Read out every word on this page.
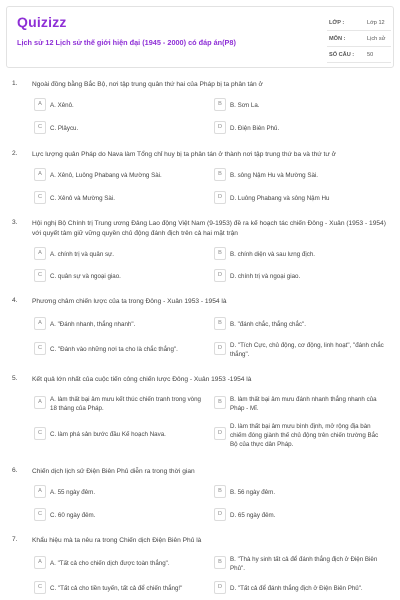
Quizizz
Lịch sử 12 Lịch sử thế giới hiện đại (1945 - 2000) có đáp án(P8)
LỚP :	Lớp 12
MÔN :	Lịch sử
SỐ CÂU : 50
1. Ngoài đồng bằng Bắc Bộ, nơi tập trung quân thứ hai của Pháp bị ta phân tán ở
A	A. Xênô.	B	B. Sơn La.
C	C. Plâycu.	D	D. Điện Biên Phủ.
2. Lực lượng quân Pháp do Nava làm Tổng chỉ huy bị ta phân tán ở thành nơi tập trung thứ ba và thứ tư ở
A	A. Xênô, Luông Phabang và Mường Sài.	B	B. sông Nậm Hu và Mường Sài.
C	C. Xênô và Mường Sài.	D	D. Luông Phabang và sông Nậm Hu
3. Hội nghị Bộ Chính trị Trung ương Đảng Lao động Việt Nam (9-1953) đề ra kế hoạch tác chiến Đông - Xuân (1953 - 1954) với quyết tâm giữ vững quyền chủ động đánh địch trên cả hai mặt trận
A	A. chính trị và quân sự.	B	B. chính diện và sau lưng địch.
C	C. quân sự và ngoại giao.	D	D. chính trị và ngoại giao.
4. Phương châm chiến lược của ta trong Đông - Xuân 1953 - 1954 là
A	A. "Đánh nhanh, thắng nhanh".	B	B. "đánh chắc, thắng chắc".
C	C. "Đánh vào những nơi ta cho là chắc thắng".	D	D. "Tích Cực, chủ động, cơ động, linh hoạt", "đánh chắc thắng".
5. Kết quả lớn nhất của cuộc tiến công chiến lược Đông - Xuân 1953 -1954 là
A	A. làm thất bại âm mưu kết thúc chiến tranh trong vòng 18 tháng của Pháp.
B	B. làm thất bại âm mưu đánh nhanh thắng nhanh của Pháp - Mĩ.
C	C. làm phá sản bước đầu Kế hoạch Nava.	D
D. làm thất bại âm mưu bình định, mở rộng địa bàn chiếm đóng giành thế chủ động trên chiến trường Bắc Bộ của thực dân Pháp.
6. Chiến dịch lịch sử Điện Biên Phủ diễn ra trong thời gian
A	A. 55 ngày đêm.	B	B. 56 ngày đêm.
C	C. 60 ngày đêm.	D	D. 65 ngày đêm.
7. Khẩu hiệu mà ta nêu ra trong Chiến dịch Điện Biên Phủ là
A	A. "Tất cả cho chiến dịch được toàn thắng".	B	B. "Thà hy sinh tất cả để đánh thắng địch ở Điện Biên Phủ".
C	C. "Tất cả cho tiền tuyến, tất cả để chiến thắng!"	D	D. "Tất cả để đánh thắng địch ở Điện Biên Phủ".
